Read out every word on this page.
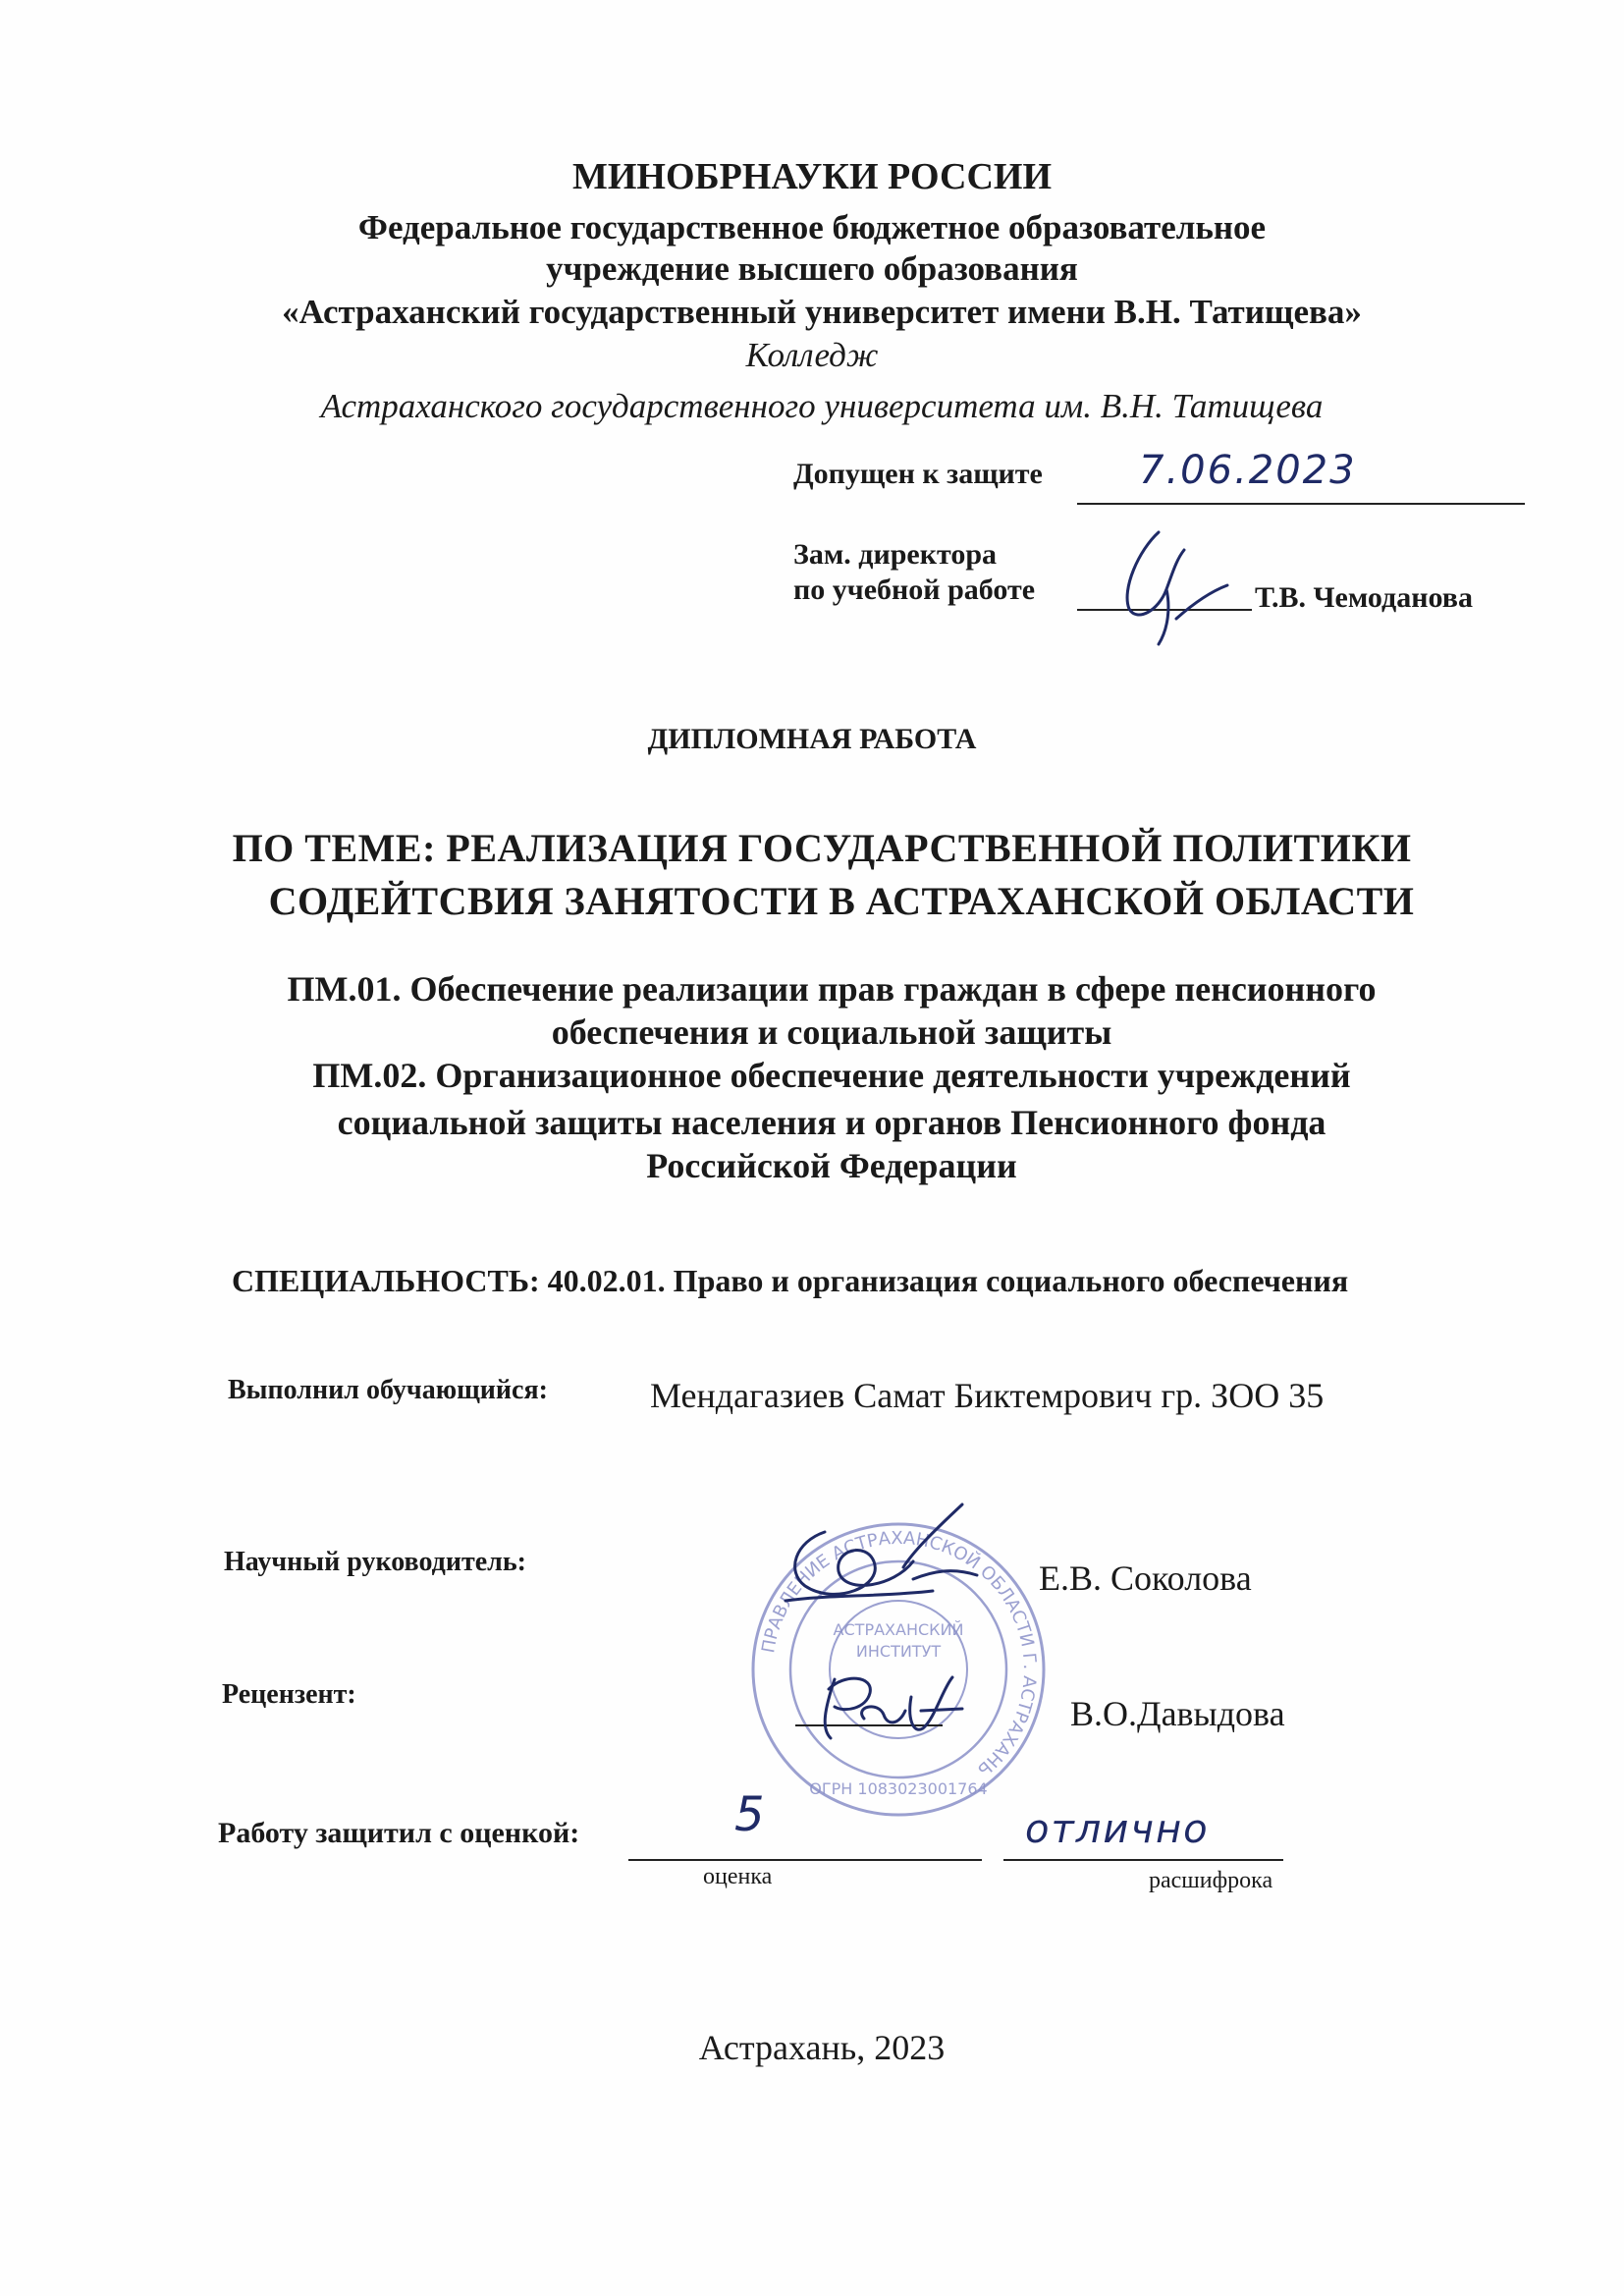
МИНОБРНАУКИ РОССИИ
Федеральное государственное бюджетное образовательное
учреждение высшего образования
«Астраханский государственный университет имени В.Н. Татищева»
Колледж
Астраханского государственного университета им. В.Н. Татищева
Допущен к защите 7.06.2023
Зам. директора
по учебной работе	Т.В. Чемоданова
ДИПЛОМНАЯ РАБОТА
ПО ТЕМЕ: РЕАЛИЗАЦИЯ ГОСУДАРСТВЕННОЙ ПОЛИТИКИ
СОДЕЙТСВИЯ ЗАНЯТОСТИ В АСТРАХАНСКОЙ ОБЛАСТИ
ПМ.01. Обеспечение реализации прав граждан в сфере пенсионного
обеспечения и социальной защиты
ПМ.02. Организационное обеспечение деятельности учреждений
социальной защиты населения и органов Пенсионного фонда
Российской Федерации
СПЕЦИАЛЬНОСТЬ: 40.02.01. Право и организация социального обеспечения
Выполнил обучающийся:	Мендагазиев Самат Биктемрович гр. ЗОО 35
ПРАВЛЕНИЕ АСТРАХАНСКОЙ ОБЛАСТИ Г. АСТРАХАНЬ
АСТРАХАНСКИЙ
ИНСТИТУТ
ОГРН 1083023001764
Научный руководитель:	Е.В. Соколова
Рецензент:	В.О.Давыдова
Работу защитил с оценкой:	5
оценка
отлично
расшифрока
Астрахань, 2023
